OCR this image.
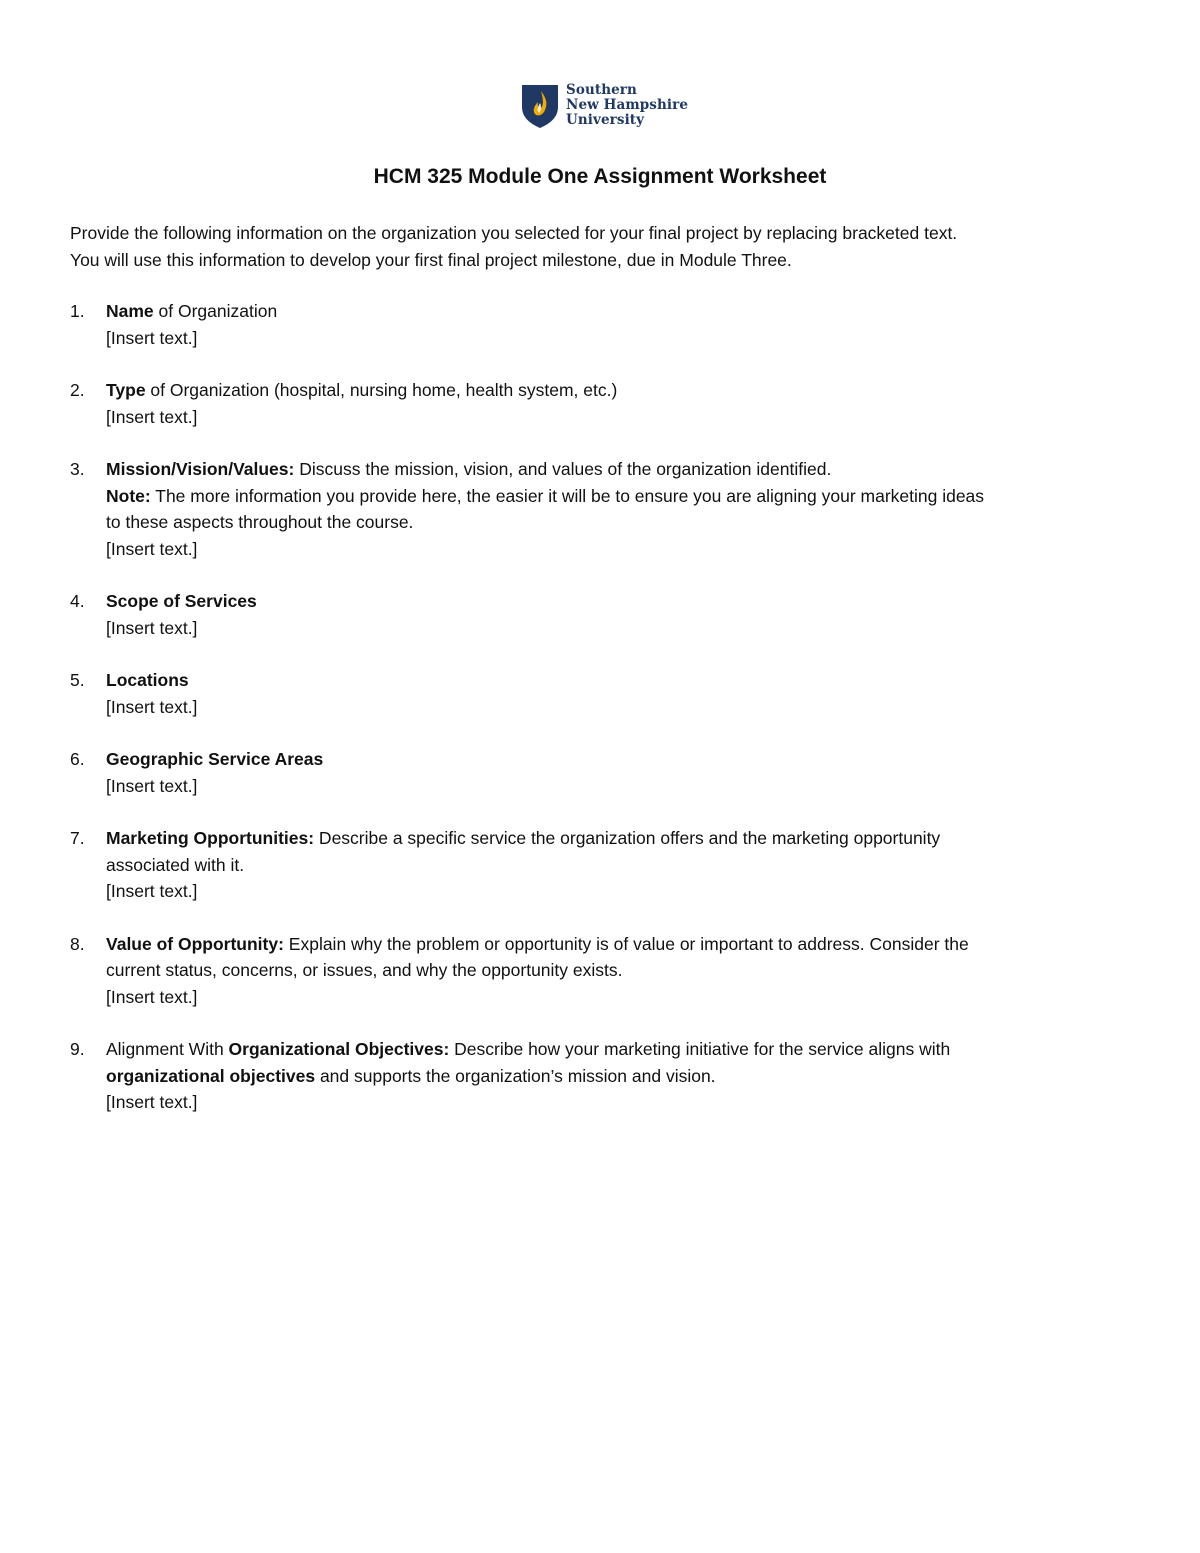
Southern
New Hampshire
University
HCM 325 Module One Assignment Worksheet
Provide the following information on the organization you selected for your final project by replacing bracketed text.
You will use this information to develop your first final project milestone, due in Module Three.
1. Name of Organization
[Insert text.]
2. Type of Organization (hospital, nursing home, health system, etc.)
[Insert text.]
3. Mission/Vision/Values: Discuss the mission, vision, and values of the organization identified.
Note: The more information you provide here, the easier it will be to ensure you are aligning your marketing ideas
to these aspects throughout the course.
[Insert text.]
4. Scope of Services
[Insert text.]
5. Locations
[Insert text.]
6. Geographic Service Areas
[Insert text.]
7. Marketing Opportunities: Describe a specific service the organization offers and the marketing opportunity
associated with it.
[Insert text.]
8. Value of Opportunity: Explain why the problem or opportunity is of value or important to address. Consider the
current status, concerns, or issues, and why the opportunity exists.
[Insert text.]
9. Alignment With Organizational Objectives: Describe how your marketing initiative for the service aligns with
organizational objectives and supports the organization’s mission and vision.
[Insert text.]
